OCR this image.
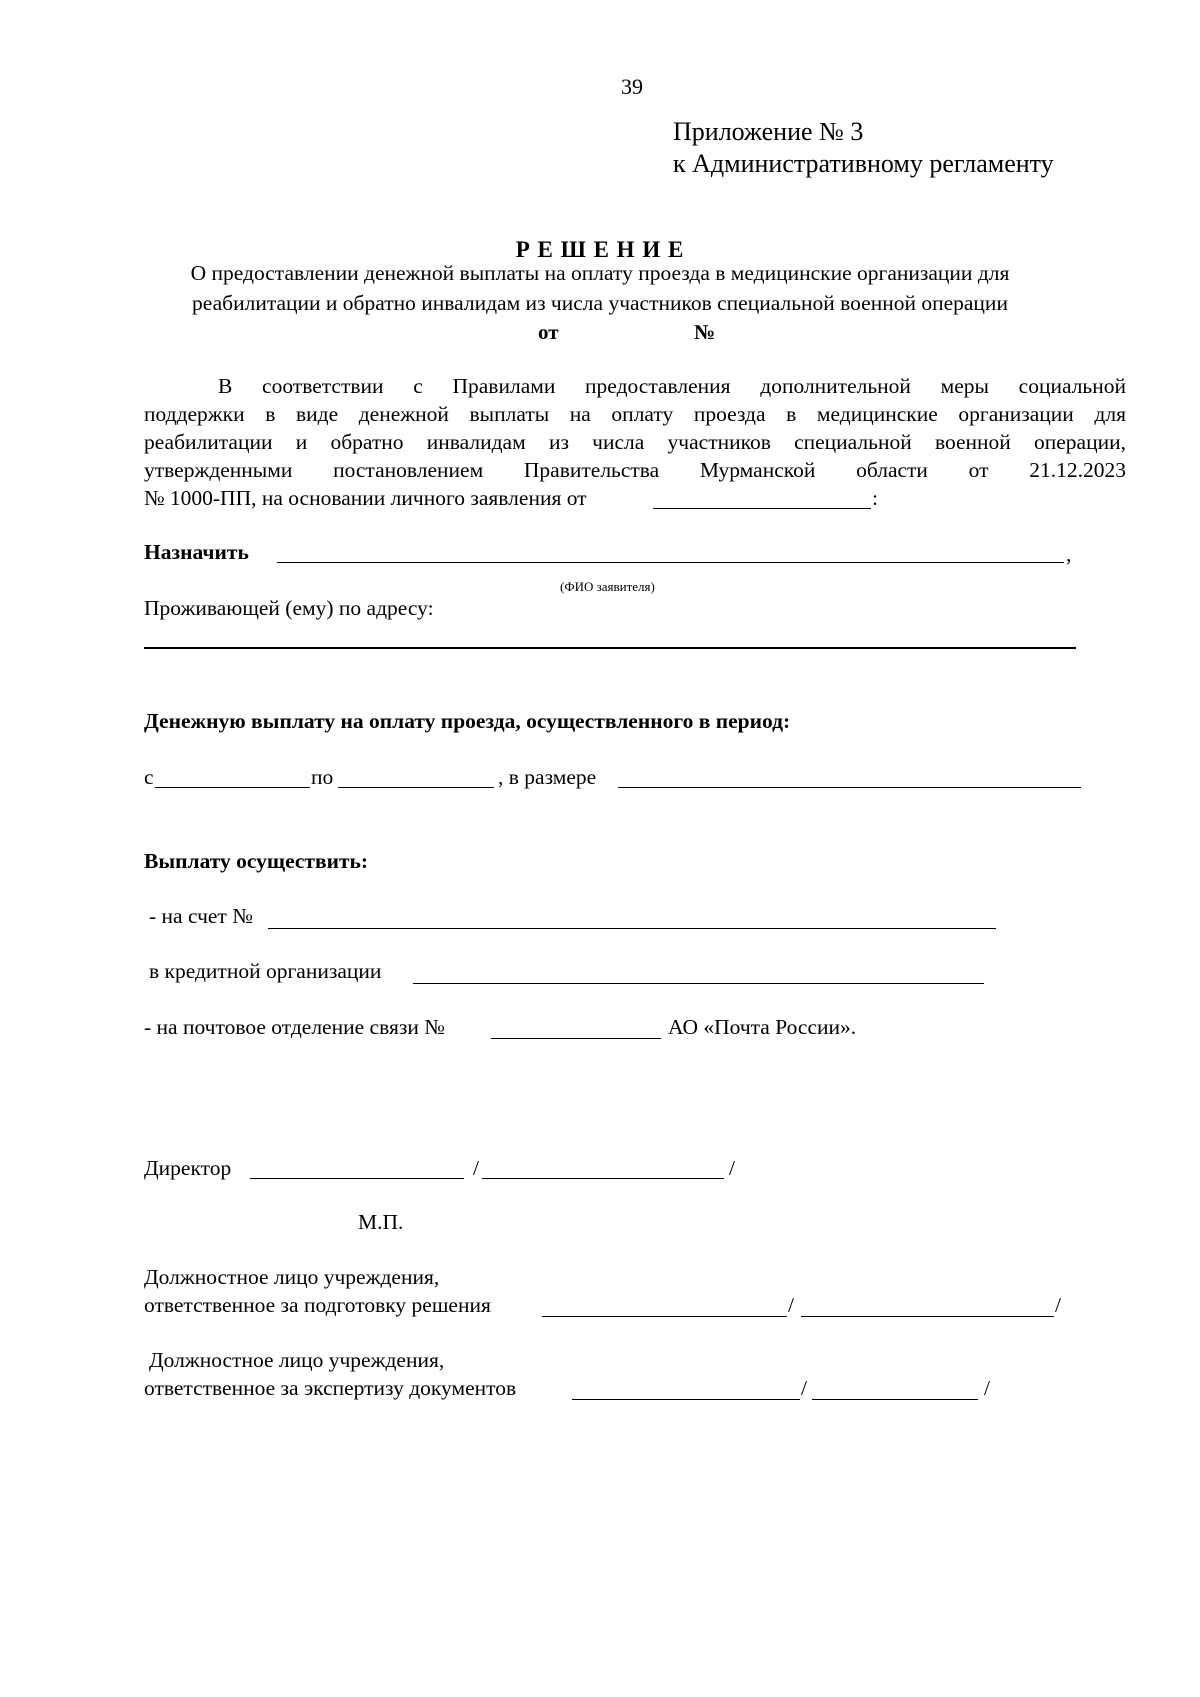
39
Приложение № 3
к Административному регламенту
Р Е Ш Е Н И Е
О предоставлении денежной выплаты на оплату проезда в медицинские организации для
реабилитации и обратно инвалидам из числа участников специальной военной операции
от	№
В соответствии с Правилами предоставления дополнительной меры социальной
поддержки в виде денежной выплаты на оплату проезда в медицинские организации для
реабилитации и обратно инвалидам из числа участников специальной военной операции,
утвержденными постановлением Правительства Мурманской области от 21.12.2023
№ 1000-ПП, на основании личного заявления от	:
Назначить	,
(ФИО заявителя)
Проживающей (ему) по адресу:
Денежную выплату на оплату проезда, осуществленного в период:
с	по	, в размере
Выплату осуществить:
- на счет №
в кредитной организации
- на почтовое отделение связи №	АО «Почта России».
Директор	/	/
М.П.
Должностное лицо учреждения,
ответственное за подготовку решения	/	/
Должностное лицо учреждения,
ответственное за экспертизу документов	/	/
